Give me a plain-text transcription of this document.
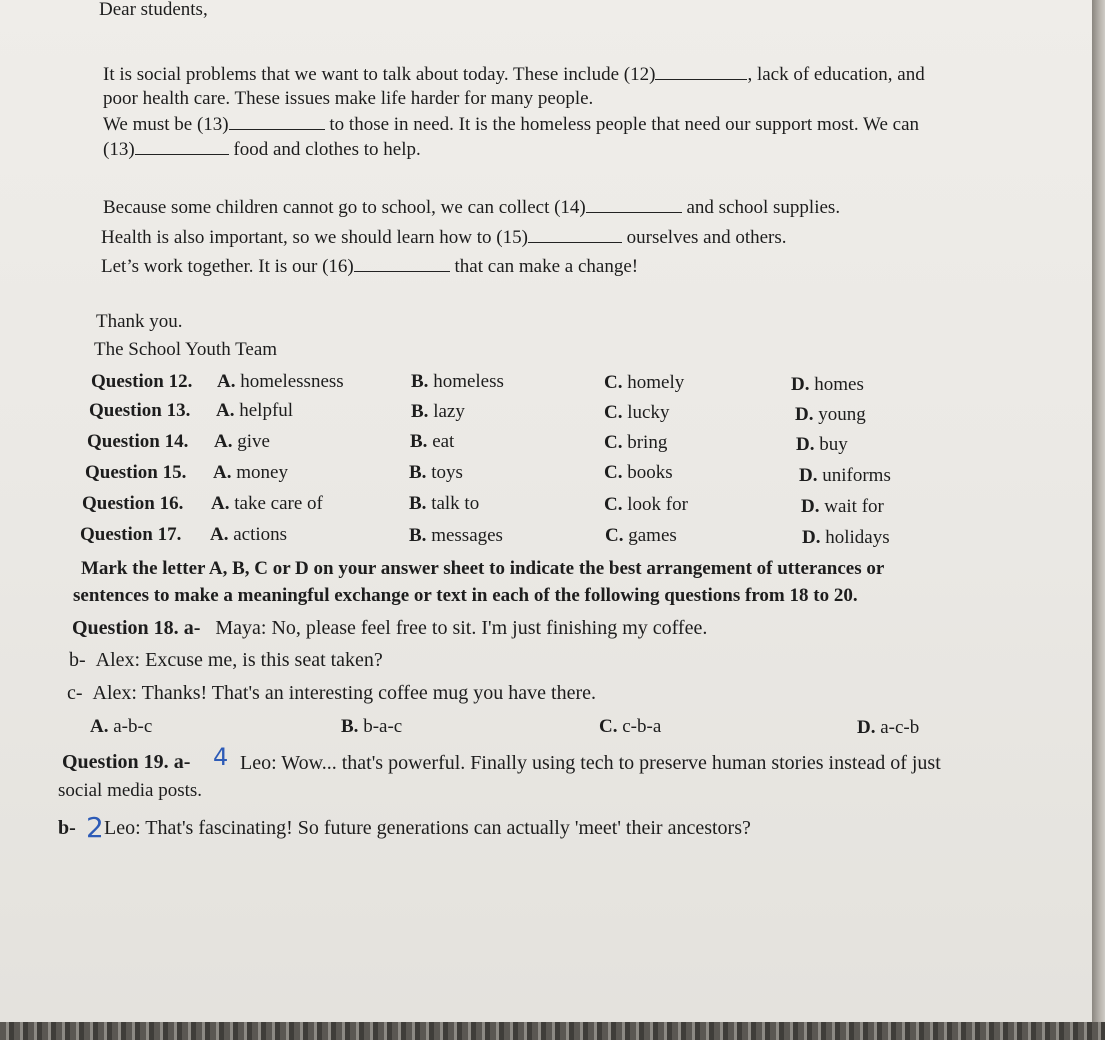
Dear students,
It is social problems that we want to talk about today. These include (12)	, lack of education, and
poor health care. These issues make life harder for many people.
We must be (13)	to those in need. It is the homeless people that need our support most. We can
(13)	food and clothes to help.
Because some children cannot go to school, we can collect (14)	and school supplies.
Health is also important, so we should learn how to (15)	ourselves and others.
Let’s work together. It is our (16)	that can make a change!
Thank you.
The School Youth Team
Question 12. A. homelessness	B. homeless	C. homely	D. homes
Question 13. A. helpful	B. lazy	C. lucky	D. young
Question 14. A. give	B. eat	C. bring	D. buy
Question 15. A. money	B. toys	C. books	D. uniforms
Question 16. A. take care of	B. talk to	C. look for	D. wait for
Question 17. A. actions	B. messages	C. games	D. holidays
Mark the letter A, B, C or D on your answer sheet to indicate the best arrangement of utterances or
sentences to make a meaningful exchange or text in each of the following questions from 18 to 20.
Question 18. a- Maya: No, please feel free to sit. I'm just finishing my coffee.
b- Alex: Excuse me, is this seat taken?
c- Alex: Thanks! That's an interesting coffee mug you have there.
A. a-b-c	B. b-a-c	C. c-b-a	D. a-c-b
Question 19. a- 4 Leo: Wow... that's powerful. Finally using tech to preserve human stories instead of just
social media posts.
b- 2 Leo: That's fascinating! So future generations can actually 'meet' their ancestors?
